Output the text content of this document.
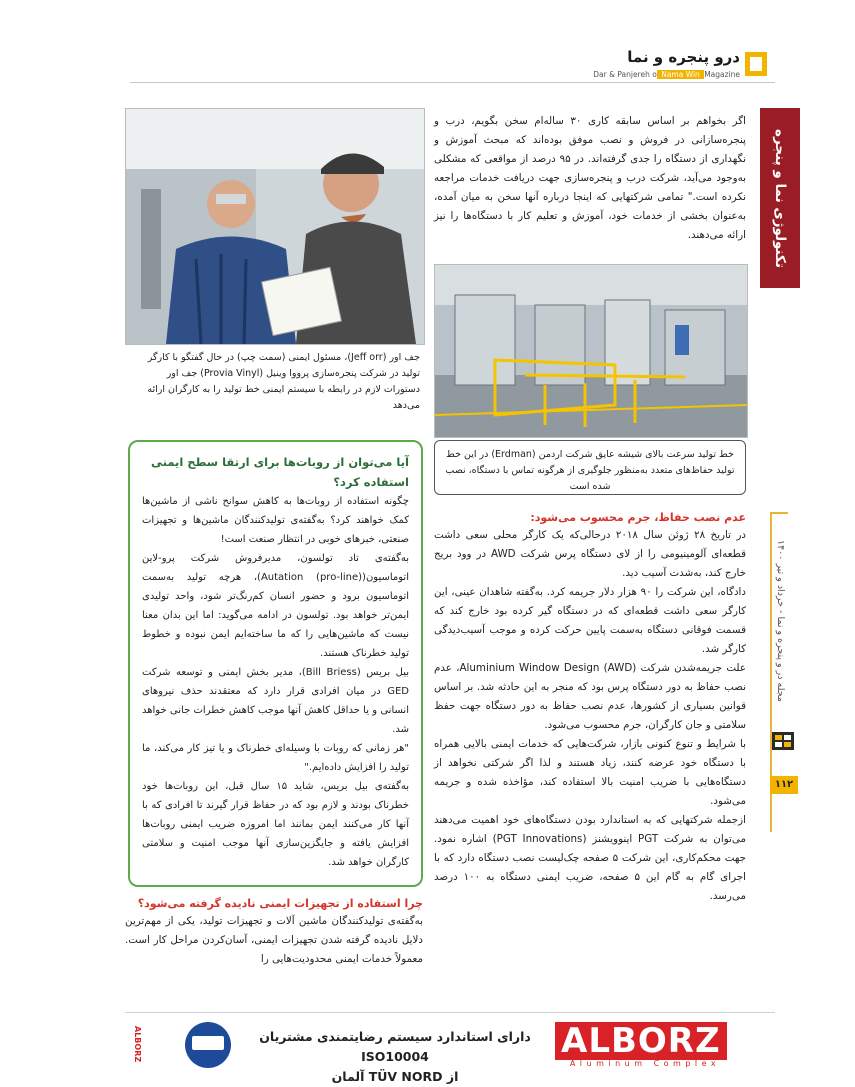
درو پنجره و نما
Dar & Panjereh o Nama Win Magazine
تکنولوژی نما و پنجره
مجله در و پنجره و نما - خرداد و تیر ۱۴۰۰
۱۱۲

اگر بخواهم بر اساس سابقه کاری ۳۰ ساله‌ام سخن بگویم، درب و پنجره‌سازانی در فروش و نصب موفق بوده‌اند که مبحث آموزش و نگهداری از دستگاه را جدی گرفته‌اند. در ۹۵ درصد از مواقعی که مشکلی به‌وجود می‌آید، شرکت درب و پنجره‌سازی جهت دریافت خدمات مراجعه نکرده است." تمامی شرکتهایی که اینجا درباره آنها سخن به میان آمده، به‌عنوان بخشی از خدمات خود، آموزش و تعلیم کار با دستگاه‌ها را نیز ارائه می‌دهند.

خط تولید سرعت بالای شیشه عایق شرکت اردمن (Erdman) در این خط تولید حفاظ‌های متعدد به‌منظور جلوگیری از هرگونه تماس با دستگاه، نصب شده است
جف اور (Jeff orr)، مسئول ایمنی (سمت چپ) در حال گفتگو با کارگر تولید در شرکت پنجره‌سازی پرووا وینیل (Provia Vinyl) جف اور دستورات لازم در رابطه با سیستم ایمنی خط تولید را به کارگران ارائه می‌دهد
آیا می‌توان از روبات‌ها برای ارتقا سطح ایمنی استفاده کرد؟

چگونه استفاده از روبات‌ها به کاهش سوانح ناشی از ماشین‌ها کمک خواهند کرد؟ به‌گفته‌ی تولیدکنندگان ماشین‌ها و تجهیزات صنعتی، خبرهای خوبی در انتظار صنعت است!

به‌گفته‌ی تاد تولسون، مدیرفروش شرکت پرو-لاین اتوماسیون((pro-line) Autation)، هرچه تولید به‌سمت اتوماسیون برود و حضور انسان کم‌رنگ‌تر شود، واحد تولیدی ایمن‌تر خواهد بود. تولسون در ادامه می‌گوید: اما این بدان معنا نیست که ماشین‌هایی را که ما ساخته‌ایم ایمن نبوده و خطوط تولید خطرناک هستند.

بیل بریس (Bill Briess)، مدیر بخش ایمنی و توسعه شرکت GED در میان افرادی قرار دارد که معتقدند حذف نیروهای انسانی و یا حداقل کاهش آنها موجب کاهش خطرات جانی خواهد شد.

"هر زمانی که روبات با وسیله‌ای خطرناک و یا تیز کار می‌کند، ما تولید را افزایش داده‌ایم."

به‌گفته‌ی بیل بریس، شاید ۱۵ سال قبل، این روبات‌ها خود خطرناک بودند و لازم بود که در حفاظ قرار گیرند تا افرادی که با آنها کار می‌کنند ایمن بمانند اما امروزه ضریب ایمنی روبات‌ها افزایش یافته و جایگزین‌سازی آنها موجب امنیت و سلامتی کارگران خواهد شد.

عدم نصب حفاظ، جرم محسوب می‌شود:

در تاریخ ۲۸ ژوئن سال ۲۰۱۸ درحالی‌که یک کارگر محلی سعی داشت قطعه‌ای آلومینیومی را از لای دستگاه پرس شرکت AWD در وود بریج خارج کند، به‌شدت آسیب دید.

دادگاه، این شرکت را ۹۰ هزار دلار جریمه کرد. به‌گفته شاهدان عینی، این کارگر سعی داشت قطعه‌ای که در دستگاه گیر کرده بود خارج کند که قسمت فوقانی دستگاه به‌سمت پایین حرکت کرده و موجب آسیب‌دیدگی کارگر شد.

علت جریمه‌شدن شرکت (Aluminium Window Design (AWD، عدم نصب حفاظ به دور دستگاه پرس بود که منجر به این حادثه شد. بر اساس قوانین بسیاری از کشورها، عدم نصب حفاظ به دور دستگاه جهت حفظ سلامتی و جان کارگران، جرم محسوب می‌شود.

با شرایط و تنوع کنونی بازار، شرکت‌هایی که خدمات ایمنی بالایی همراه با دستگاه خود عرضه کنند، زیاد هستند و لذا اگر شرکتی نخواهد از دستگاه‌هایی با ضریب امنیت بالا استفاده کند، مؤاخذه شده و جریمه می‌شود.

ازجمله شرکتهایی که به استاندارد بودن دستگاه‌های خود اهمیت می‌دهند می‌توان به شرکت PGT اینوویشنز (PGT Innovations) اشاره نمود. جهت محکم‌کاری، این شرکت ۵ صفحه چک‌لیست نصب دستگاه دارد که با اجرای گام به گام این ۵ صفحه، ضریب ایمنی دستگاه به ۱۰۰ درصد می‌رسد.

چرا استفاده از تجهیزات ایمنی نادیده گرفته می‌شود؟

به‌گفته‌ی تولیدکنندگان ماشین آلات و تجهیزات تولید، یکی از مهم‌ترین دلایل نادیده گرفته شدن تجهیزات ایمنی، آسان‌کردن مراحل کار است. معمولاً خدمات ایمنی محدودیت‌هایی را

ALBORZ	دارای استاندارد سیستم رضایتمندی مشتریان ISO10004
از TÜV NORD آلمان
ALBORZ
Aluminum Complex
